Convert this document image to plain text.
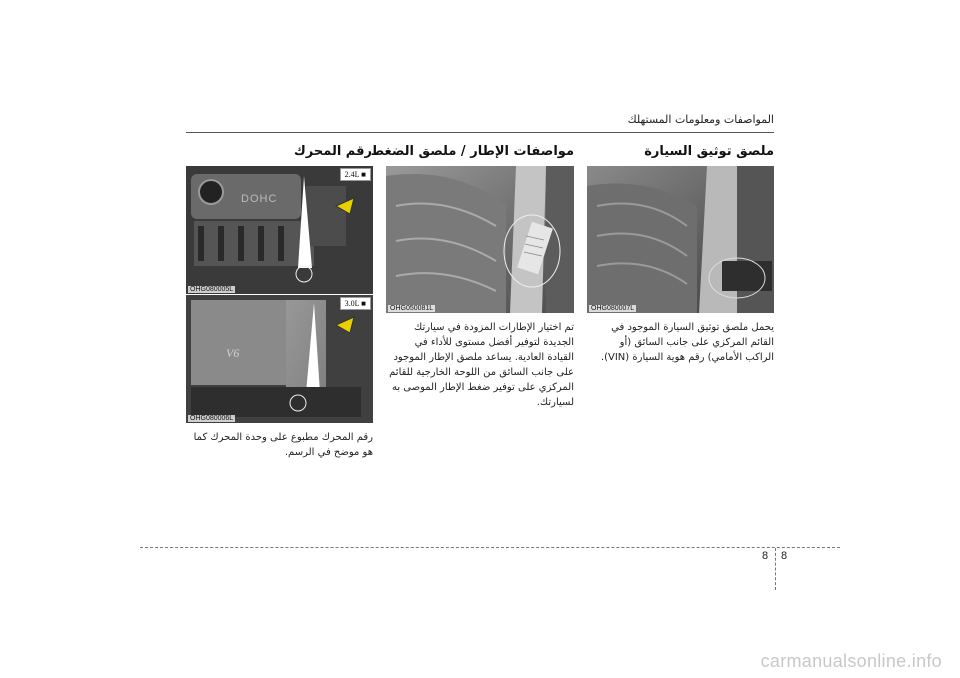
المواصفات ومعلومات المستهلك
ملصق توثيق السيارة
مواصفات الإطار / ملصق الضغط
رقم المحرك
OHG080007L
OHG050081L
DOHC
2.4L ■
OHG080005L
V6
3.0L ■
OHG080006L
يحمل ملصق توثيق السيارة الموجود في القائم المركزي على جانب السائق (أو الراكب الأمامي) رقم هوية السيارة (VIN).
تم اختيار الإطارات المزودة في سيارتك الجديدة لتوفير أفضل مستوى للأداء في القيادة العادية. يساعد ملصق الإطار الموجود على جانب السائق من اللوحة الخارجية للقائم المركزي على توفير ضغط الإطار الموصى به لسيارتك.
رقم المحرك مطبوع على وحدة المحرك كما هو موضح في الرسم.
8 8
carmanualsonline.info
